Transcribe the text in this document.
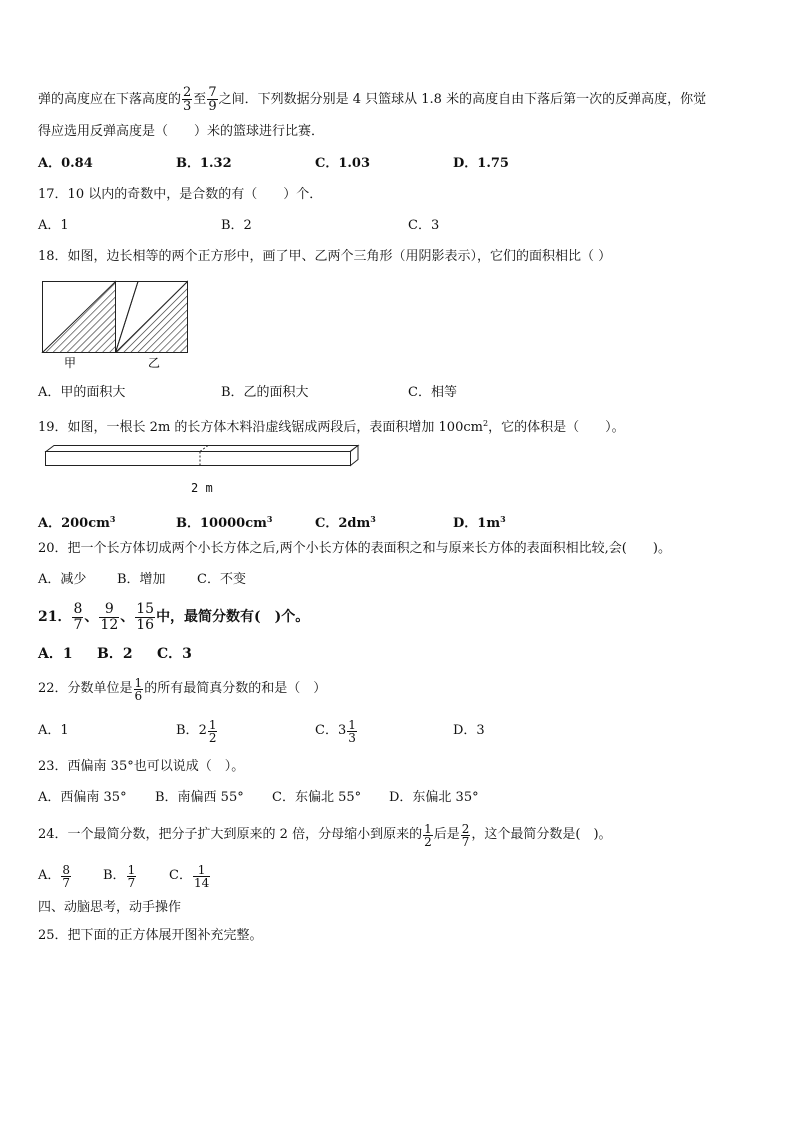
弹的高度应在下落高度的 $\frac{2}{3}$ 至 $\frac{7}{9}$ 之间．下列数据分别是 4 只篮球从 1.8 米的高度自由下落后第一次的反弹高度，你觉
得应选用反弹高度是（　　）米的篮球进行比赛．
A．0.84	B．1.32	C．1.03	D．1.75
17．10 以内的奇数中，是合数的有（　　）个．
A．1	B．2	C．3
18．如图，边长相等的两个正方形中，画了甲、乙两个三角形（用阴影表示），它们的面积相比（ ）
甲	乙
A．甲的面积大	B．乙的面积大	C．相等
19．如图，一根长 2m 的长方体木料沿虚线锯成两段后，表面积增加 $100cm^2$，它的体积是（　　）。
2 m
A．$200cm^3$	B．$10000cm^3$	C．$2dm^3$	D．$1m^3$
20．把一个长方体切成两个小长方体之后,两个小长方体的表面积之和与原来长方体的表面积相比较,会(　　)。
A．减少 B．增加 C．不变
21． $\frac{8}{7}$ 、 $\frac{9}{12}$ 、 $\frac{15}{16}$ 中，最简分数有(　)个。
A．1 B．2 C．3
22．分数单位是 $\frac{1}{6}$ 的所有最简真分数的和是（　）
A．1	B． $2 \frac{1}{2}$	C． $3 \frac{1}{3}$	D．3
23．西偏南 35°也可以说成（　）。
A．西偏南 35° B．南偏西 55° C．东偏北 55° D．东偏北 35°
24．一个最简分数，把分子扩大到原来的 2 倍，分母缩小到原来的 $\frac{1}{2}$ 后是 $\frac{2}{7}$ ，这个最简分数是(　)。
A． $\frac{8}{7}$ B． $\frac{1}{7}$	C． $\frac{1}{14}$
四、动脑思考，动手操作
25．把下面的正方体展开图补充完整。
